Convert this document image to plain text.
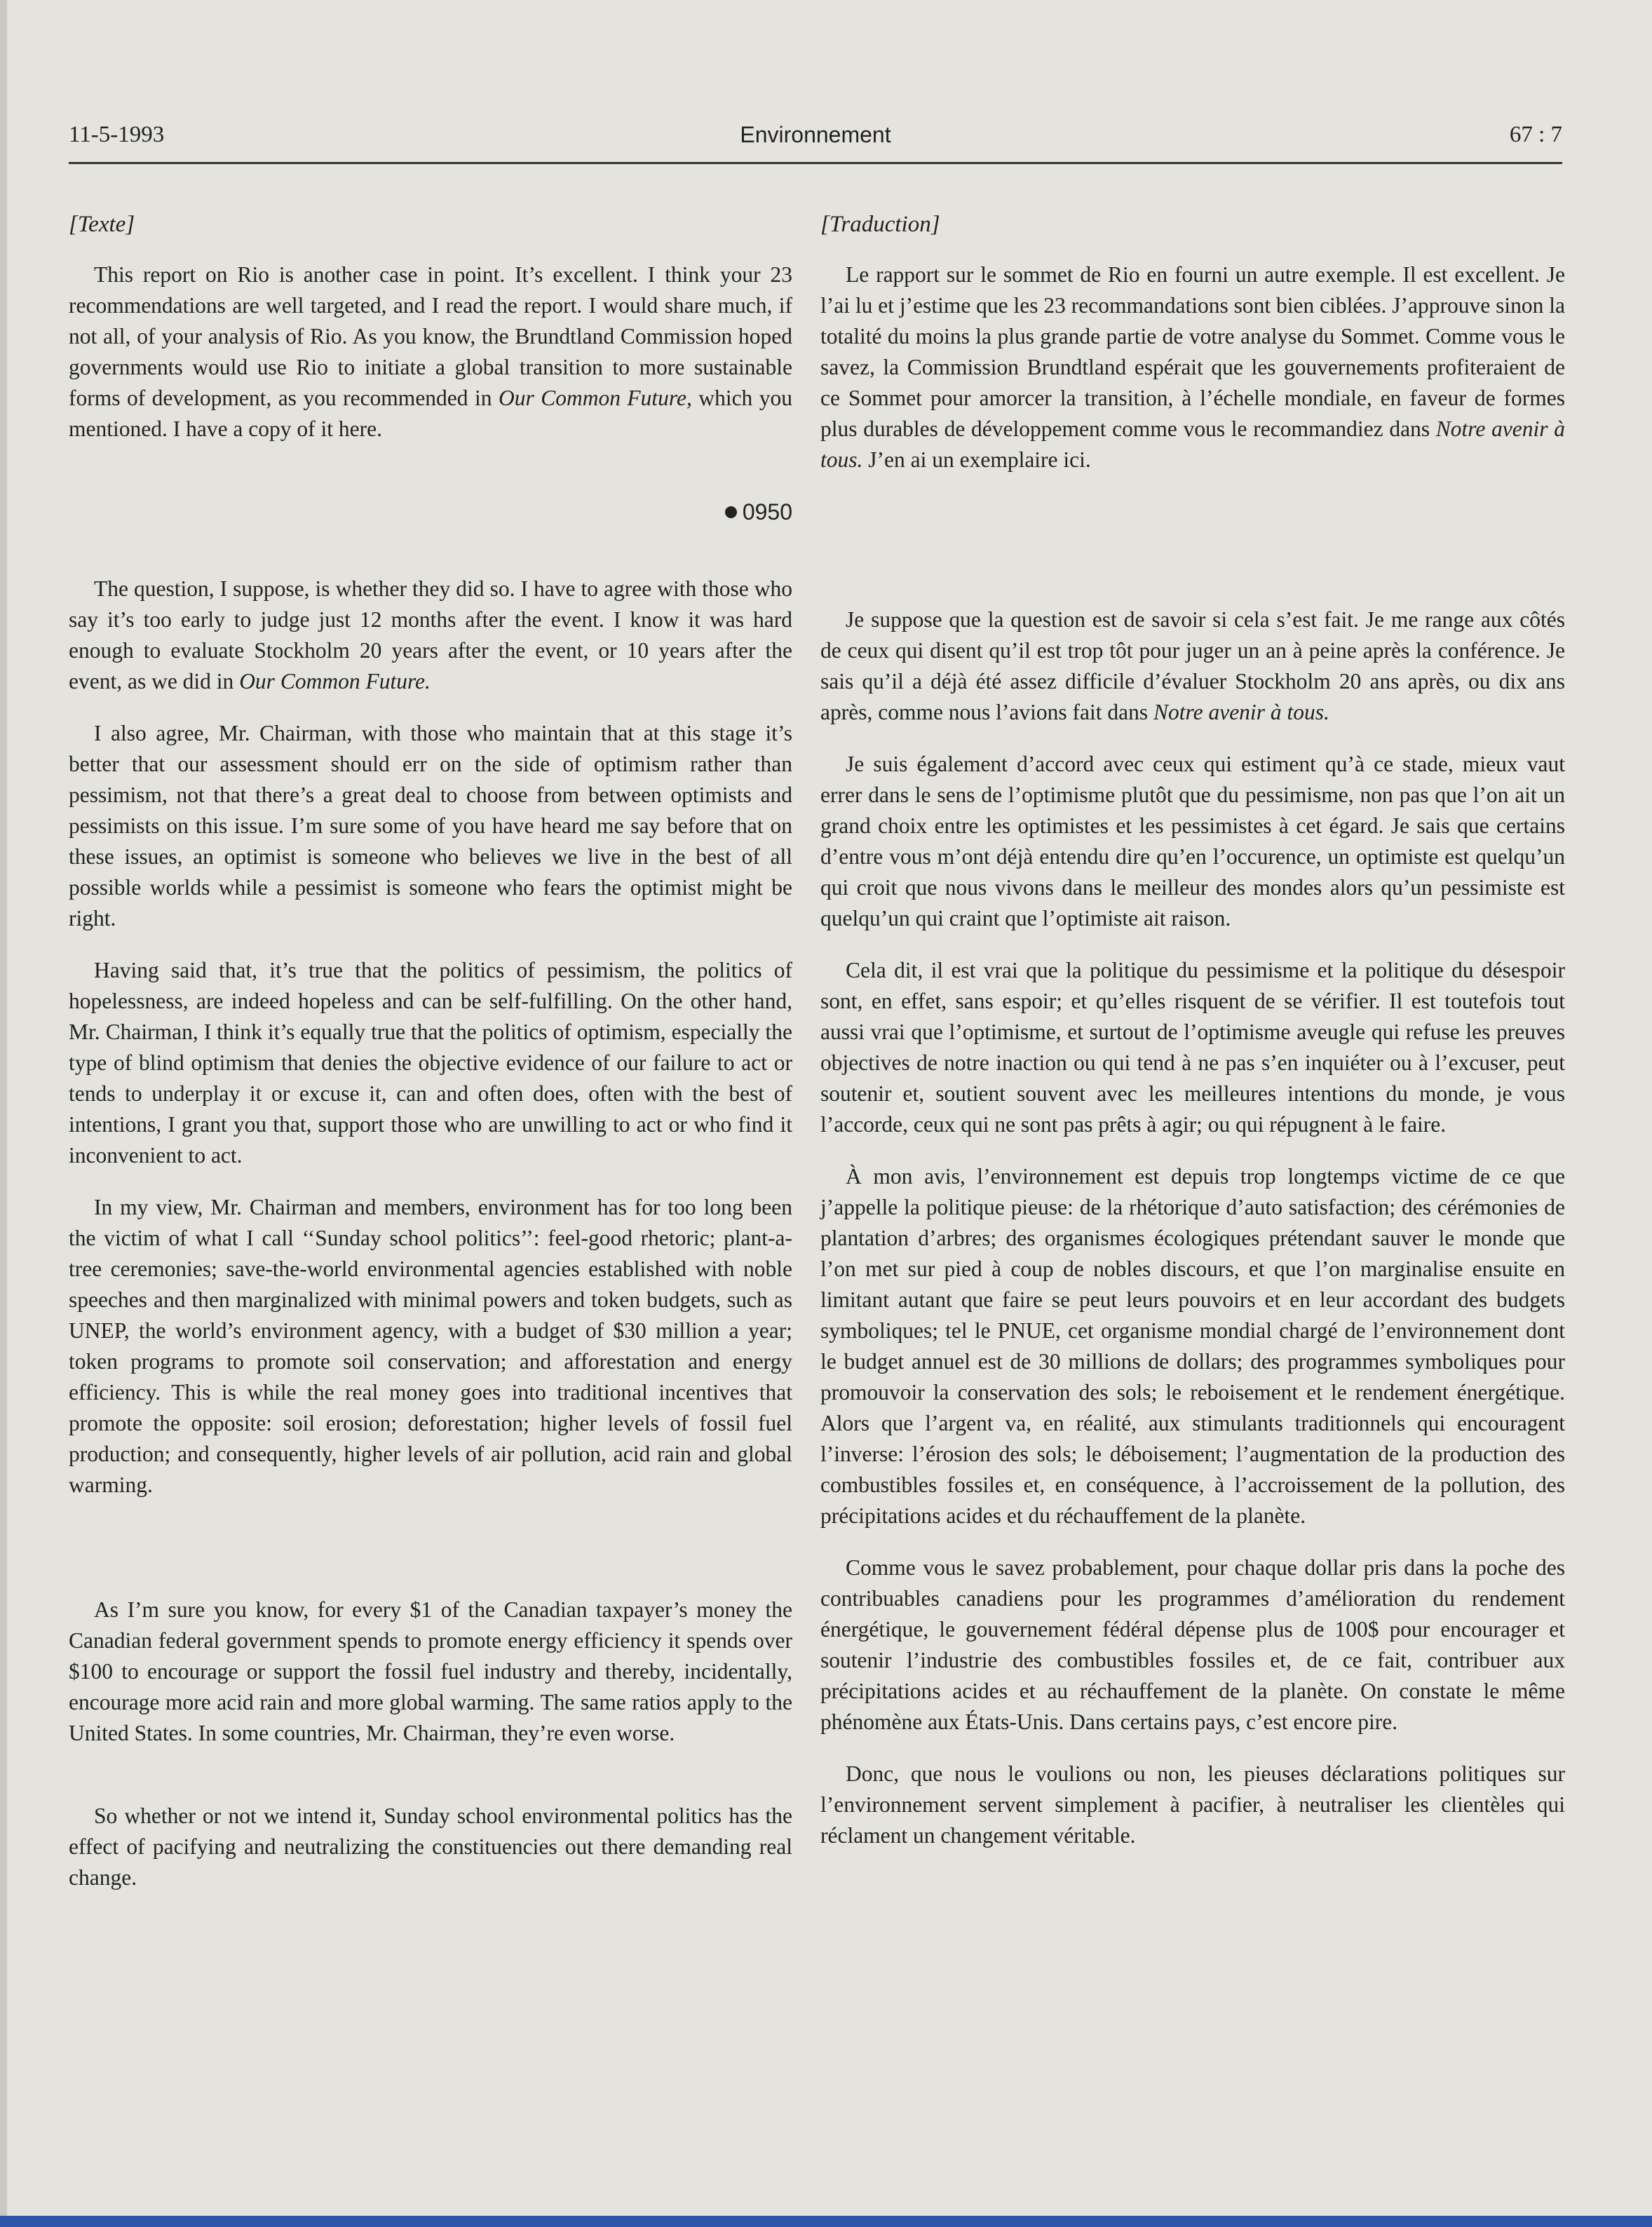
11-5-1993	Environnement	67 : 7
[Texte]

This report on Rio is another case in point. It’s excellent. I think your 23 recommendations are well targeted, and I read the report. I would share much, if not all, of your analysis of Rio. As you know, the Brundtland Commission hoped governments would use Rio to initiate a global transition to more sustainable forms of development, as you recommended in Our Common Future, which you mentioned. I have a copy of it here.

0950

The question, I suppose, is whether they did so. I have to agree with those who say it’s too early to judge just 12 months after the event. I know it was hard enough to evaluate Stockholm 20 years after the event, or 10 years after the event, as we did in Our Common Future.

I also agree, Mr. Chairman, with those who maintain that at this stage it’s better that our assessment should err on the side of optimism rather than pessimism, not that there’s a great deal to choose from between optimists and pessimists on this issue. I’m sure some of you have heard me say before that on these issues, an optimist is someone who believes we live in the best of all possible worlds while a pessimist is someone who fears the optimist might be right.

Having said that, it’s true that the politics of pessimism, the politics of hopelessness, are indeed hopeless and can be self-fulfilling. On the other hand, Mr. Chairman, I think it’s equally true that the politics of optimism, especially the type of blind optimism that denies the objective evidence of our failure to act or tends to underplay it or excuse it, can and often does, often with the best of intentions, I grant you that, support those who are unwilling to act or who find it inconvenient to act.

In my view, Mr. Chairman and members, environment has for too long been the victim of what I call ‘‘Sunday school politics’’: feel-good rhetoric; plant-a-tree ceremonies; save-the-world environmental agencies established with noble speeches and then marginalized with minimal powers and token budgets, such as UNEP, the world’s environment agency, with a budget of $30 million a year; token programs to promote soil conservation; and afforestation and energy efficiency. This is while the real money goes into traditional incentives that promote the opposite: soil erosion; deforestation; higher levels of fossil fuel production; and consequently, higher levels of air pollution, acid rain and global warming.

As I’m sure you know, for every $1 of the Canadian taxpayer’s money the Canadian federal government spends to promote energy efficiency it spends over $100 to encourage or support the fossil fuel industry and thereby, incidentally, encourage more acid rain and more global warming. The same ratios apply to the United States. In some countries, Mr. Chairman, they’re even worse.

So whether or not we intend it, Sunday school environmental politics has the effect of pacifying and neutralizing the constituencies out there demanding real change.

[Traduction]

Le rapport sur le sommet de Rio en fourni un autre exemple. Il est excellent. Je l’ai lu et j’estime que les 23 recommandations sont bien ciblées. J’approuve sinon la totalité du moins la plus grande partie de votre analyse du Sommet. Comme vous le savez, la Commission Brundtland espérait que les gouvernements profiteraient de ce Sommet pour amorcer la transition, à l’échelle mondiale, en faveur de formes plus durables de développement comme vous le recommandiez dans Notre avenir à tous. J’en ai un exemplaire ici.

Je suppose que la question est de savoir si cela s’est fait. Je me range aux côtés de ceux qui disent qu’il est trop tôt pour juger un an à peine après la conférence. Je sais qu’il a déjà été assez difficile d’évaluer Stockholm 20 ans après, ou dix ans après, comme nous l’avions fait dans Notre avenir à tous.

Je suis également d’accord avec ceux qui estiment qu’à ce stade, mieux vaut errer dans le sens de l’optimisme plutôt que du pessimisme, non pas que l’on ait un grand choix entre les optimistes et les pessimistes à cet égard. Je sais que certains d’entre vous m’ont déjà entendu dire qu’en l’occurence, un optimiste est quelqu’un qui croit que nous vivons dans le meilleur des mondes alors qu’un pessimiste est quelqu’un qui craint que l’optimiste ait raison.

Cela dit, il est vrai que la politique du pessimisme et la politique du désespoir sont, en effet, sans espoir; et qu’elles risquent de se vérifier. Il est toutefois tout aussi vrai que l’optimisme, et surtout de l’optimisme aveugle qui refuse les preuves objectives de notre inaction ou qui tend à ne pas s’en inquiéter ou à l’excuser, peut soutenir et, soutient souvent avec les meilleures intentions du monde, je vous l’accorde, ceux qui ne sont pas prêts à agir; ou qui répugnent à le faire.

À mon avis, l’environnement est depuis trop longtemps victime de ce que j’appelle la politique pieuse: de la rhétorique d’auto satisfaction; des cérémonies de plantation d’arbres; des organismes écologiques prétendant sauver le monde que l’on met sur pied à coup de nobles discours, et que l’on marginalise ensuite en limitant autant que faire se peut leurs pouvoirs et en leur accordant des budgets symboliques; tel le PNUE, cet organisme mondial chargé de l’environnement dont le budget annuel est de 30 millions de dollars; des programmes symboliques pour promouvoir la conservation des sols; le reboisement et le rendement énergétique. Alors que l’argent va, en réalité, aux stimulants traditionnels qui encouragent l’inverse: l’érosion des sols; le déboisement; l’augmentation de la production des combustibles fossiles et, en conséquence, à l’accroissement de la pollution, des précipitations acides et du réchauffement de la planète.

Comme vous le savez probablement, pour chaque dollar pris dans la poche des contribuables canadiens pour les programmes d’amélioration du rendement énergétique, le gouvernement fédéral dépense plus de 100$ pour encourager et soutenir l’industrie des combustibles fossiles et, de ce fait, contribuer aux précipitations acides et au réchauffement de la planète. On constate le même phénomène aux États-Unis. Dans certains pays, c’est encore pire.

Donc, que nous le voulions ou non, les pieuses déclarations politiques sur l’environnement servent simplement à pacifier, à neutraliser les clientèles qui réclament un changement véritable.
